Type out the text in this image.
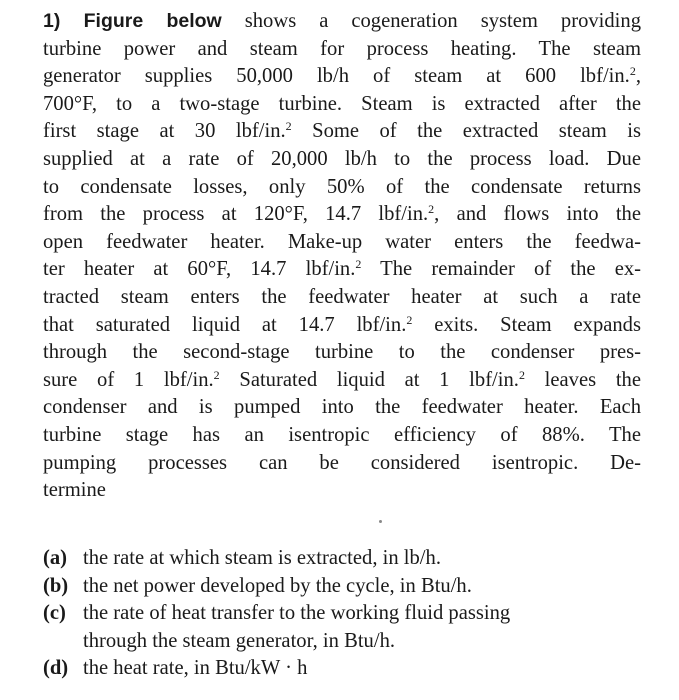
1) Figure below shows a cogeneration system providing
turbine power and steam for process heating. The steam
generator supplies 50,000 lb/h of steam at 600 lbf/in.$^2$,
700°F, to a two-stage turbine. Steam is extracted after the
first stage at 30 lbf/in.$^2$ Some of the extracted steam is
supplied at a rate of 20,000 lb/h to the process load. Due
to condensate losses, only 50% of the condensate returns
from the process at 120°F, 14.7 lbf/in.$^2$, and flows into the
open feedwater heater. Make-up water enters the feedwa-
ter heater at 60°F, 14.7 lbf/in.$^2$ The remainder of the ex-
tracted steam enters the feedwater heater at such a rate
that saturated liquid at 14.7 lbf/in.$^2$ exits. Steam expands
through the second-stage turbine to the condenser pres-
sure of 1 lbf/in.$^2$ Saturated liquid at 1 lbf/in.$^2$ leaves the
condenser and is pumped into the feedwater heater. Each
turbine stage has an isentropic efficiency of 88%. The
pumping processes can be considered isentropic. De-
termine
(a) the rate at which steam is extracted, in lb/h.
(b) the net power developed by the cycle, in Btu/h.
(c) the rate of heat transfer to the working fluid passing
through the steam generator, in Btu/h.
(d) the heat rate, in Btu/kW · h
